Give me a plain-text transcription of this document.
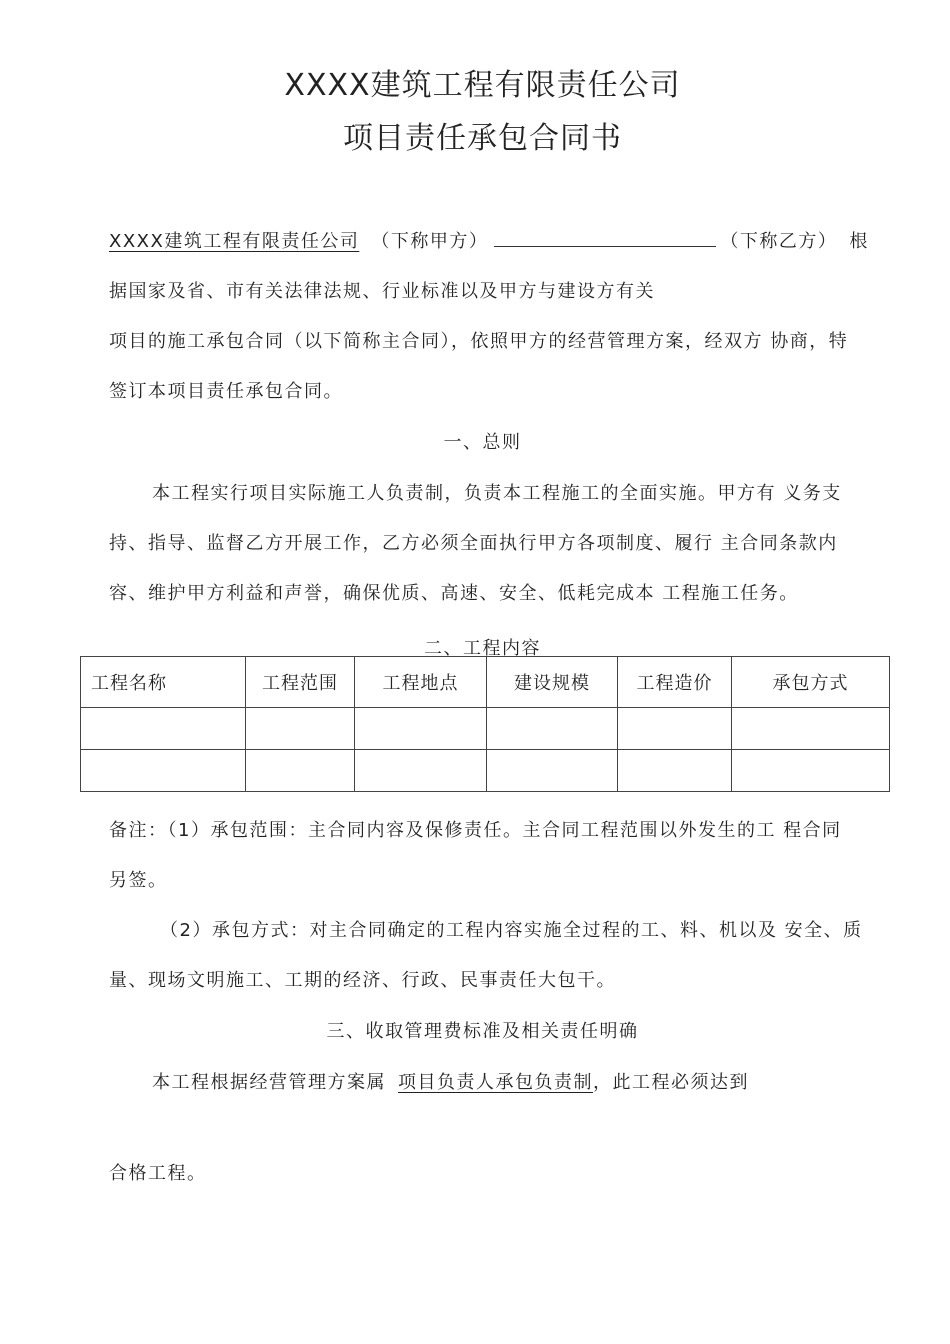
XXXX建筑工程有限责任公司
项目责任承包合同书
XXXX建筑工程有限责任公司 （下称甲方）	（下称乙方） 根
据国家及省、市有关法律法规、行业标准以及甲方与建设方有关
项目的施工承包合同（以下简称主合同），依照甲方的经营管理方案，经双方 协商，特
签订本项目责任承包合同。
一、总则
本工程实行项目实际施工人负责制，负责本工程施工的全面实施。甲方有 义务支
持、指导、监督乙方开展工作，乙方必须全面执行甲方各项制度、履行 主合同条款内
容、维护甲方利益和声誉，确保优质、高速、安全、低耗完成本 工程施工任务。
二、工程内容
工程名称	工程范围	工程地点	建设规模	工程造价	承包方式

备注：（1）承包范围：主合同内容及保修责任。主合同工程范围以外发生的工 程合同
另签。
（2）承包方式：对主合同确定的工程内容实施全过程的工、料、机以及 安全、质
量、现场文明施工、工期的经济、行政、民事责任大包干。
三、收取管理费标准及相关责任明确
本工程根据经营管理方案属 项目负责人承包负责制，此工程必须达到
合格工程。
